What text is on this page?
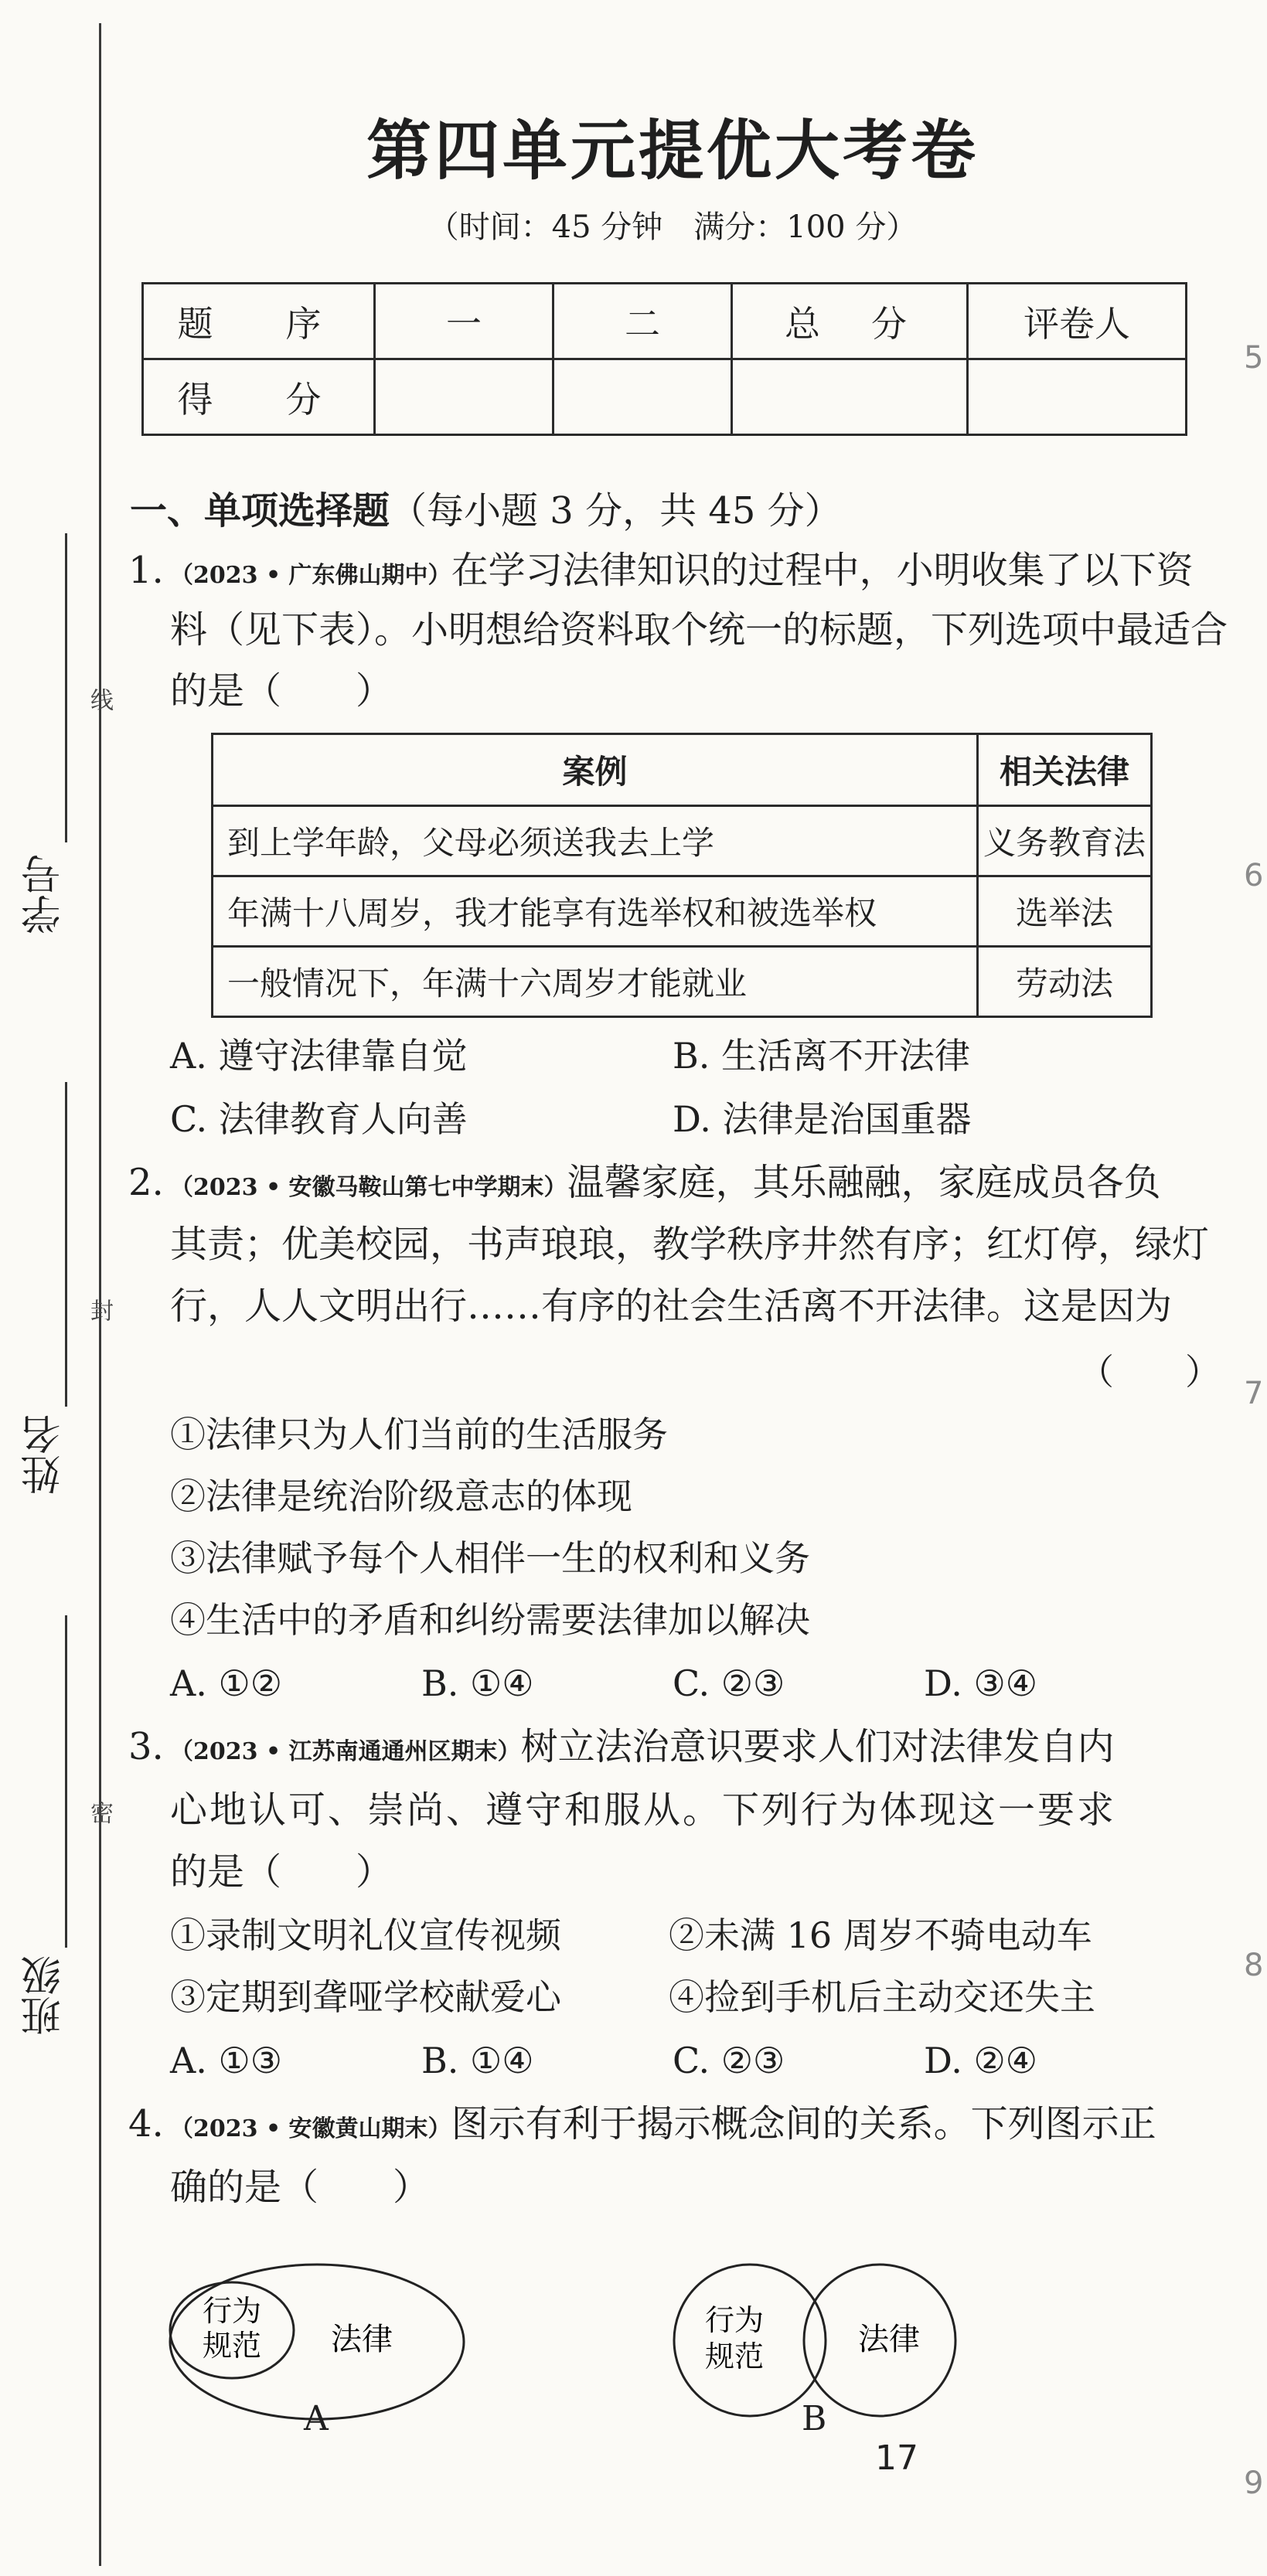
学号
线
姓名
封
班级
密
5
6
7
8
9
第四单元提优大考卷
（时间：45 分钟　满分：100 分）
题　序	一	二	总　分	评卷人
得　分				
一、单项选择题（每小题 3 分，共 45 分）
1. （2023 • 广东佛山期中）在学习法律知识的过程中，小明收集了以下资
料（见下表）。小明想给资料取个统一的标题，下列选项中最适合
的是（　　）
案例	相关法律
到上学年龄，父母必须送我去上学	义务教育法
年满十八周岁，我才能享有选举权和被选举权	选举法
一般情况下，年满十六周岁才能就业	劳动法
A. 遵守法律靠自觉	B. 生活离不开法律
C. 法律教育人向善	D. 法律是治国重器
2. （2023 • 安徽马鞍山第七中学期末）温馨家庭，其乐融融，家庭成员各负
其责；优美校园，书声琅琅，教学秩序井然有序；红灯停，绿灯
行，人人文明出行……有序的社会生活离不开法律。这是因为
（　　）
①法律只为人们当前的生活服务
②法律是统治阶级意志的体现
③法律赋予每个人相伴一生的权利和义务
④生活中的矛盾和纠纷需要法律加以解决
A. ①②	B. ①④	C. ②③	D. ③④
3. （2023 • 江苏南通通州区期末）树立法治意识要求人们对法律发自内
心地认可、崇尚、遵守和服从。下列行为体现这一要求
的是（　　）
①录制文明礼仪宣传视频	②未满 16 周岁不骑电动车
③定期到聋哑学校献爱心	④捡到手机后主动交还失主
A. ①③	B. ①④	C. ②③	D. ②④
4. （2023 • 安徽黄山期末）图示有利于揭示概念间的关系。下列图示正
确的是（　　）
行为
规范 法律
A
行为
规范	法律
B
17
